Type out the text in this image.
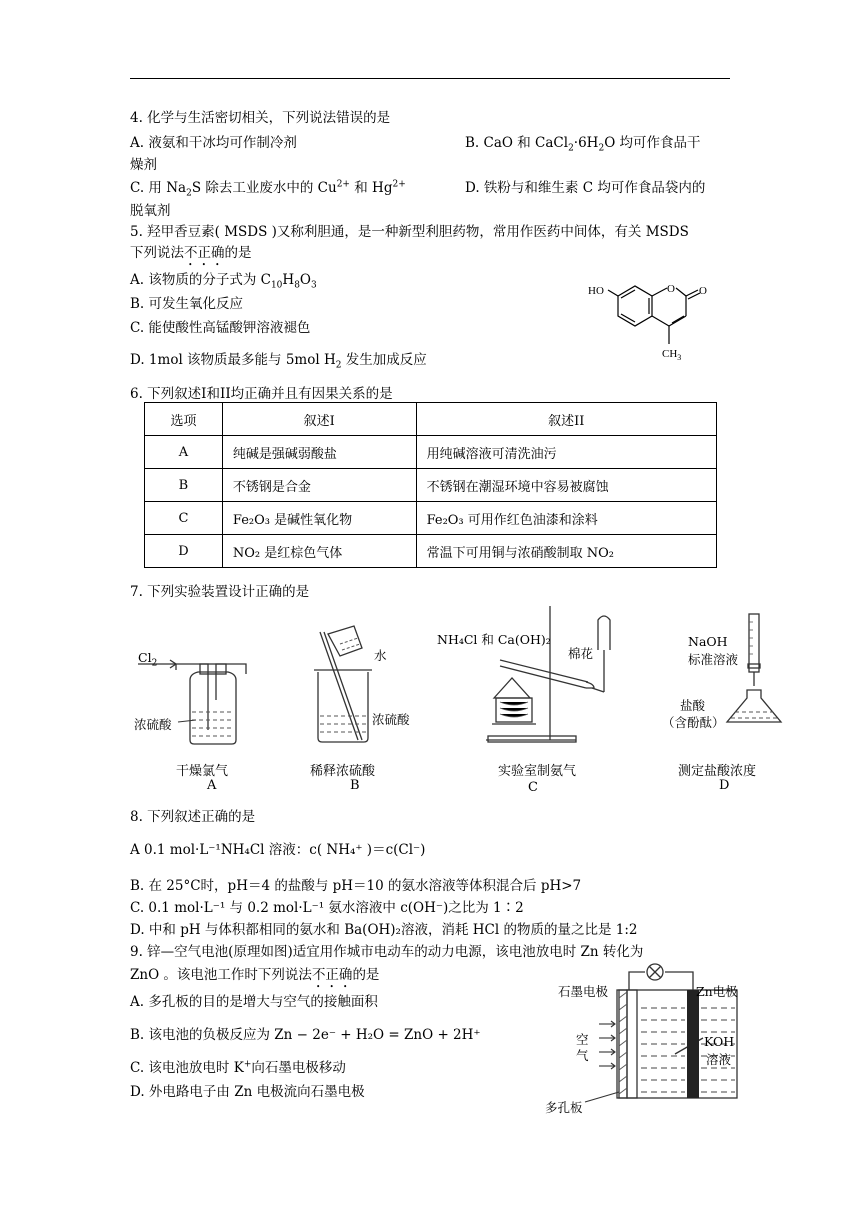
4. 化学与生活密切相关，下列说法错误的是
A. 液氨和干冰均可作制冷剂	B. CaO 和 $CaCl_2\cdot 6H_2O$ 均可作食品干
燥剂
C. 用 $Na_2S$ 除去工业废水中的 $Cu^{2+}$ 和 $Hg^{2+}$	D. 铁粉与和维生素 C 均可作食品袋内的
脱氧剂
5. 羟甲香豆素( MSDS )又称利胆通，是一种新型利胆药物，常用作医药中间体，有关 MSDS
下列说法不正确的是
A. 该物质的分子式为 $C_{10}H_8O_3$
B. 可发生氧化反应
C. 能使酸性高锰酸钾溶液褪色
D. 1mol 该物质最多能与 5mol $H_2$ 发生加成反应
HO	O O
$CH_3$
6. 下列叙述I和II均正确并且有因果关系的是
选项	叙述I	叙述II
A	纯碱是强碱弱酸盐	用纯碱溶液可清洗油污
B	不锈钢是合金	不锈钢在潮湿环境中容易被腐蚀
C	Fe₂O₃ 是碱性氧化物	Fe₂O₃ 可用作红色油漆和涂料
D	NO₂ 是红棕色气体	常温下可用铜与浓硝酸制取 NO₂
7. 下列实验装置设计正确的是
$Cl_2$
浓硫酸
干燥氯气
A
水
浓硫酸
稀释浓硫酸
B
NH₄Cl 和 Ca(OH)₂
棉花
实验室制氨气
C
NaOH
标准溶液
盐酸
（含酚酞）
测定盐酸浓度
D
8. 下列叙述正确的是
A 0.1 mol·L⁻¹NH₄Cl 溶液：c( NH₄⁺ )＝c(Cl⁻)
B. 在 25°C时，pH＝4 的盐酸与 pH＝10 的氨水溶液等体积混合后 pH>7
C. 0.1 mol·L⁻¹ 与 0.2 mol·L⁻¹ 氨水溶液中 c(OH⁻)之比为 1∶2
D. 中和 pH 与体积都相同的氨水和 Ba(OH)₂溶液，消耗 HCl 的物质的量之比是 1:2
9. 锌—空气电池(原理如图)适宜用作城市电动车的动力电源，该电池放电时 Zn 转化为
ZnO 。该电池工作时下列说法不正确的是
A. 多孔板的目的是增大与空气的接触面积
B. 该电池的负极反应为 Zn − 2e⁻ + H₂O = ZnO + 2H⁺
C. 该电池放电时 K+向石墨电极移动
D. 外电路电子由 Zn 电极流向石墨电极
石墨电极	Zn电极
空
气
KOH
溶液
多孔板
